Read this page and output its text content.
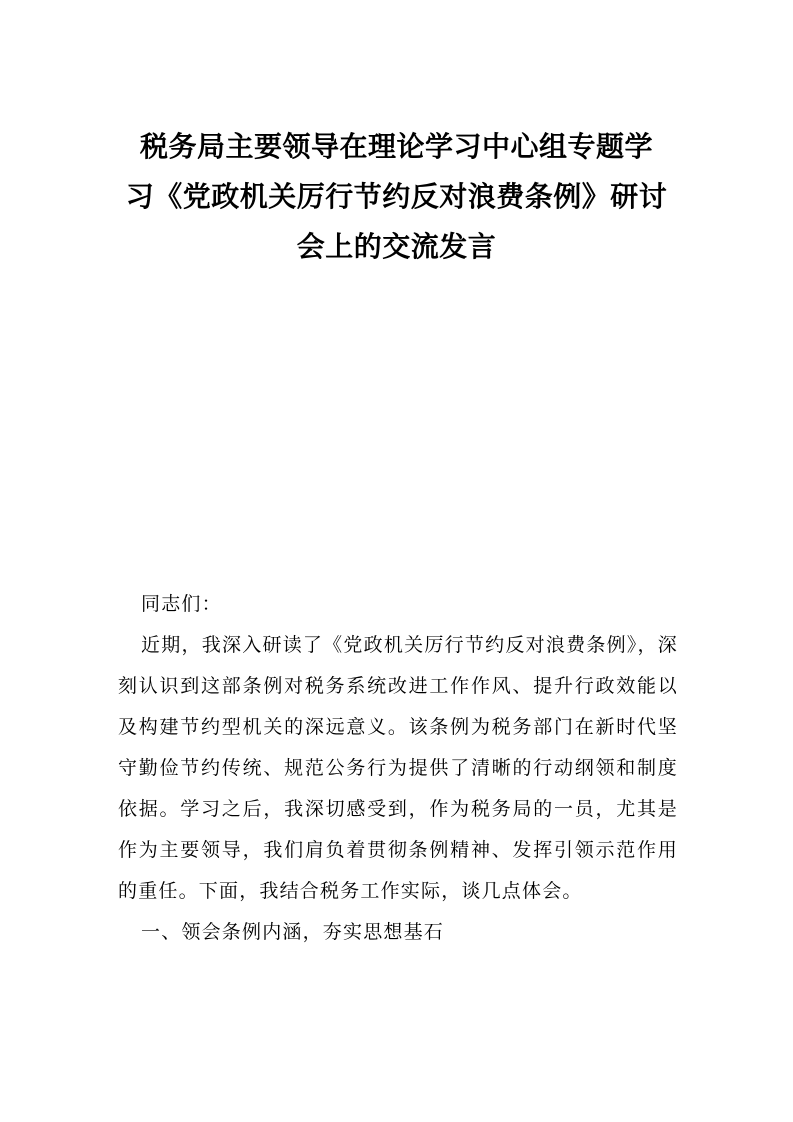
税务局主要领导在理论学习中心组专题学
习《党政机关厉行节约反对浪费条例》研讨
会上的交流发言

同志们：

近期，我深入研读了《党政机关厉行节约反对浪费条例》，深刻认识到这部条例对税务系统改进工作作风、提升行政效能以及构建节约型机关的深远意义。该条例为税务部门在新时代坚守勤俭节约传统、规范公务行为提供了清晰的行动纲领和制度依据。学习之后，我深切感受到，作为税务局的一员，尤其是作为主要领导，我们肩负着贯彻条例精神、发挥引领示范作用的重任。下面，我结合税务工作实际，谈几点体会。

一、领会条例内涵，夯实思想基石
